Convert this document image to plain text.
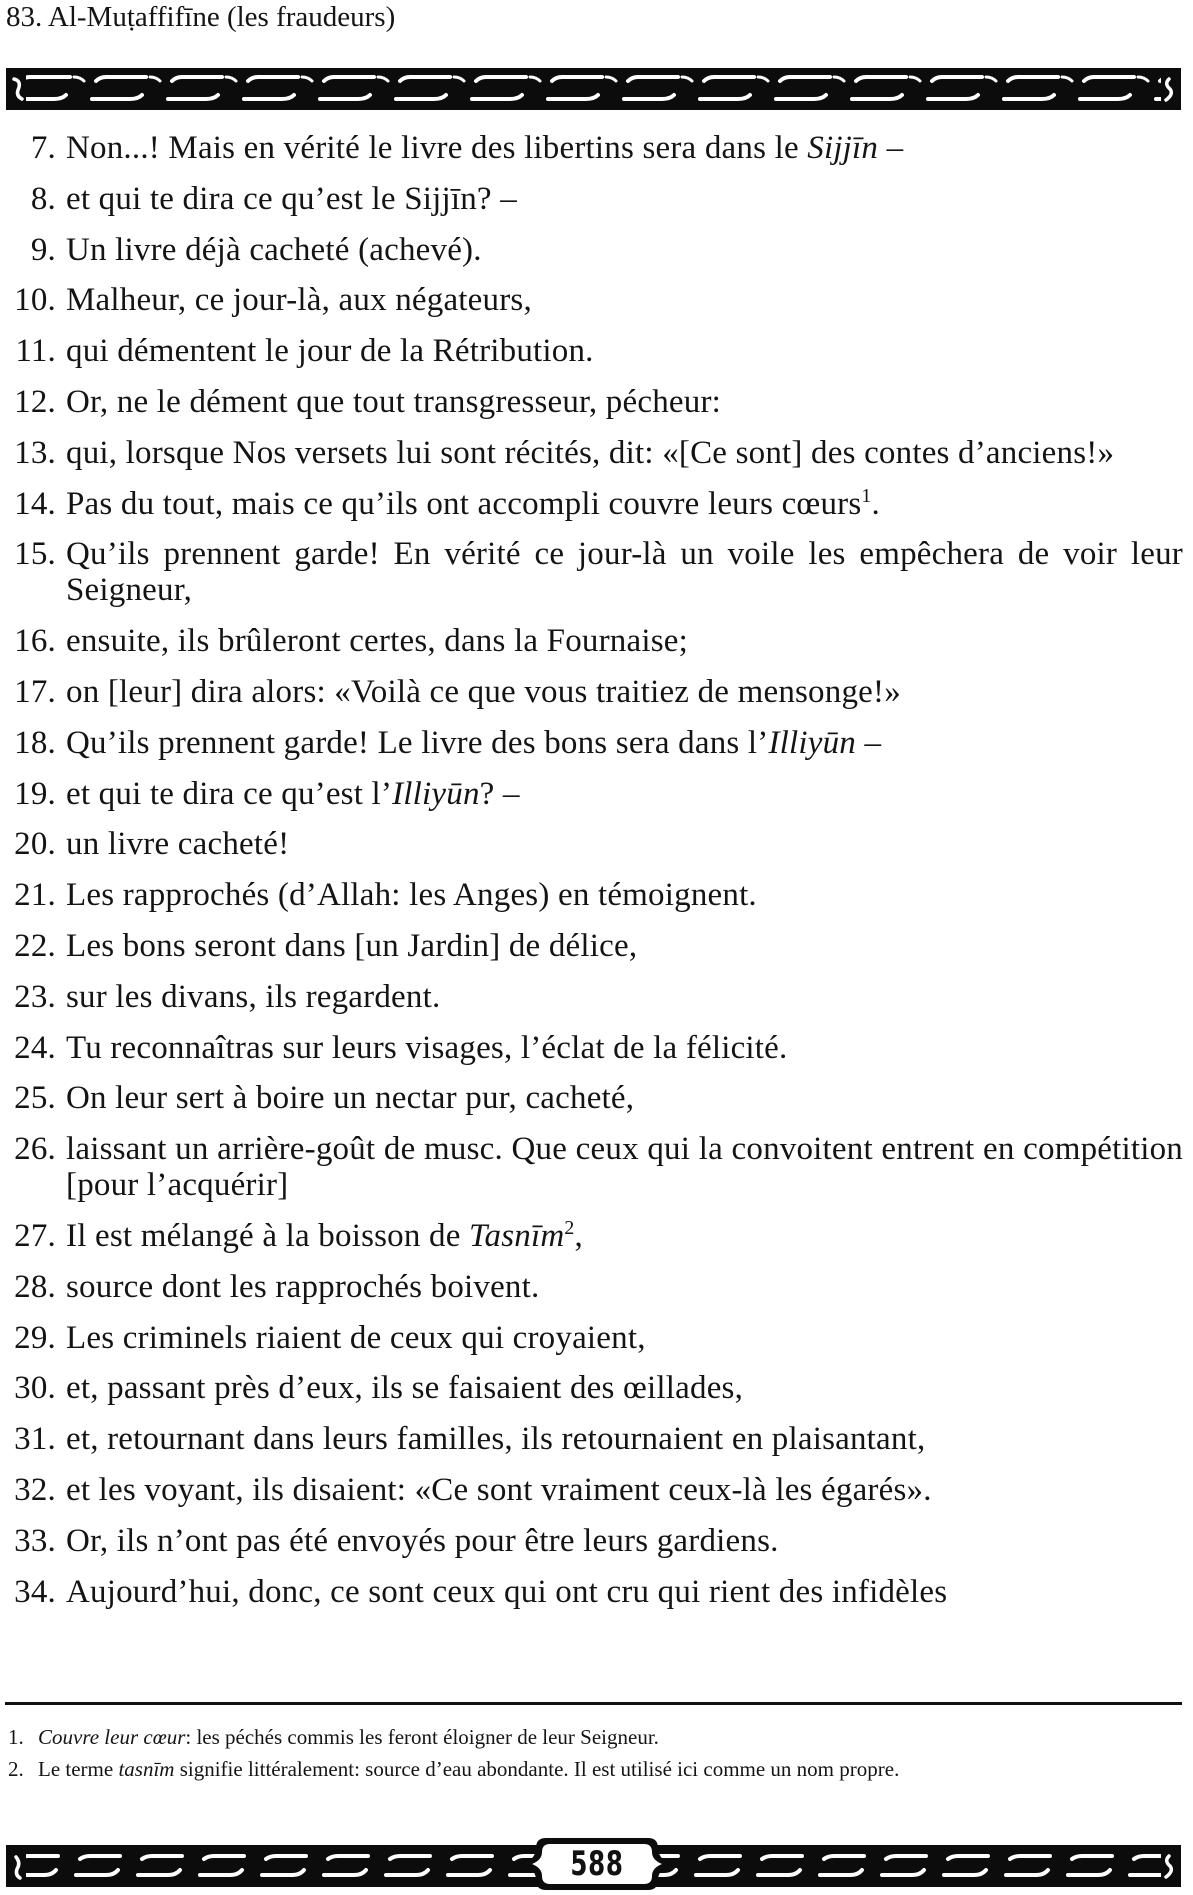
83. Al-Muṭaffifīne (les fraudeurs)
7 . Non...! Mais en vérité le livre des libertins sera dans le Sijjīn –
8 . et qui te dira ce qu’est le Sijjīn? –
9 . Un livre déjà cacheté (achevé).
10 . Malheur, ce jour-là, aux négateurs,
11 . qui démentent le jour de la Rétribution.
12 . Or, ne le dément que tout transgresseur, pécheur:
13 . qui, lorsque Nos versets lui sont récités, dit: «[Ce sont] des contes d’anciens!»
14 . Pas du tout, mais ce qu’ils ont accompli couvre leurs cœurs$^1$.
15 . Qu’ils prennent garde! En vérité ce jour-là un voile les empêchera de voir leur Seigneur,
16 . ensuite, ils brûleront certes, dans la Fournaise;
17 . on [leur] dira alors: «Voilà ce que vous traitiez de mensonge!»
18 . Qu’ils prennent garde! Le livre des bons sera dans l’Illiyūn –
19 . et qui te dira ce qu’est l’Illiyūn? –
20 . un livre cacheté!
21 . Les rapprochés (d’Allah: les Anges) en témoignent.
22 . Les bons seront dans [un Jardin] de délice,
23 . sur les divans, ils regardent.
24 . Tu reconnaîtras sur leurs visages, l’éclat de la félicité.
25 . On leur sert à boire un nectar pur, cacheté,
26 . laissant un arrière-goût de musc. Que ceux qui la convoitent entrent en compétition [pour l’acquérir]
27 . Il est mélangé à la boisson de Tasnīm$^2$,
28 . source dont les rapprochés boivent.
29 . Les criminels riaient de ceux qui croyaient,
30 . et, passant près d’eux, ils se faisaient des œillades,
31 . et, retournant dans leurs familles, ils retournaient en plaisantant,
32 . et les voyant, ils disaient: «Ce sont vraiment ceux-là les égarés».
33 . Or, ils n’ont pas été envoyés pour être leurs gardiens.
34 . Aujourd’hui, donc, ce sont ceux qui ont cru qui rient des infidèles
1 . Couvre leur cœur: les péchés commis les feront éloigner de leur Seigneur.
2 . Le terme tasnīm signifie littéralement: source d’eau abondante. Il est utilisé ici comme un nom propre.
588
